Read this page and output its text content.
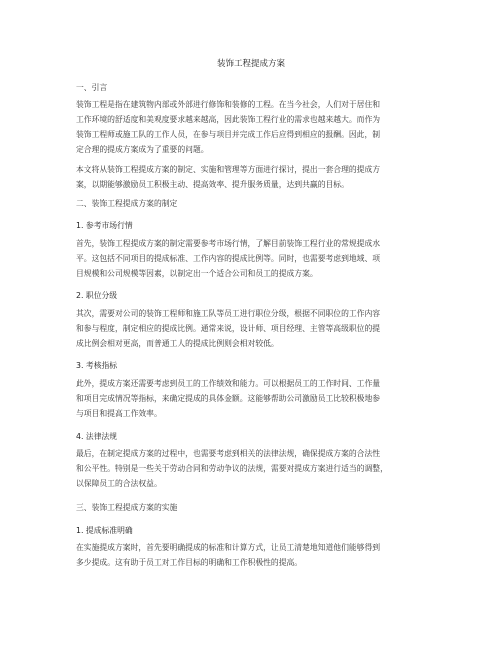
装饰工程提成方案
一、引言
装饰工程是指在建筑物内部或外部进行修饰和装修的工程。在当今社会，人们对于居住和
工作环境的舒适度和美观度要求越来越高，因此装饰工程行业的需求也越来越大。而作为
装饰工程师或施工队的工作人员，在参与项目并完成工作后应得到相应的报酬。因此，制
定合理的提成方案成为了重要的问题。
本文将从装饰工程提成方案的制定、实施和管理等方面进行探讨，提出一套合理的提成方
案，以期能够激励员工积极主动、提高效率、提升服务质量，达到共赢的目标。
二、装饰工程提成方案的制定
1. 参考市场行情
首先，装饰工程提成方案的制定需要参考市场行情，了解目前装饰工程行业的常规提成水
平。这包括不同项目的提成标准、工作内容的提成比例等。同时，也需要考虑到地域、项
目规模和公司规模等因素，以制定出一个适合公司和员工的提成方案。
2. 职位分级
其次，需要对公司的装饰工程师和施工队等员工进行职位分级，根据不同职位的工作内容
和参与程度，制定相应的提成比例。通常来说，设计师、项目经理、主管等高级职位的提
成比例会相对更高，而普通工人的提成比例则会相对较低。
3. 考核指标
此外，提成方案还需要考虑到员工的工作绩效和能力。可以根据员工的工作时间、工作量
和项目完成情况等指标，来确定提成的具体金额。这能够帮助公司激励员工比较积极地参
与项目和提高工作效率。
4. 法律法规
最后，在制定提成方案的过程中，也需要考虑到相关的法律法规，确保提成方案的合法性
和公平性。特别是一些关于劳动合同和劳动争议的法规，需要对提成方案进行适当的调整，
以保障员工的合法权益。
三、装饰工程提成方案的实施
1. 提成标准明确
在实施提成方案时，首先要明确提成的标准和计算方式，让员工清楚地知道他们能够得到
多少提成。这有助于员工对工作目标的明确和工作积极性的提高。
